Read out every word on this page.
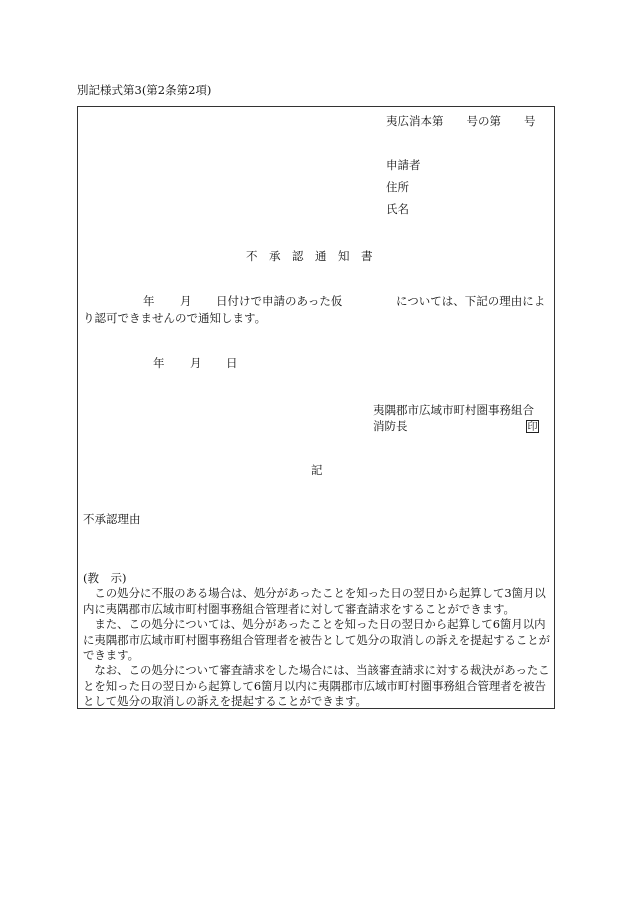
別記様式第3(第2条第2項)
夷広消本第　　号の第　　号
申請者
住所
氏名
不　承　認　通　知　書
年 月 日付けで申請のあった仮	については、下記の理由によ
り認可できませんので通知します。
年 月 日
夷隅郡市広域市町村圏事務組合
消防長	印
記
不承認理由
(教　示)

この処分に不服のある場合は、処分があったことを知った日の翌日から起算して3箇月以内に夷隅郡市広域市町村圏事務組合管理者に対して審査請求をすることができます。

また、この処分については、処分があったことを知った日の翌日から起算して6箇月以内に夷隅郡市広域市町村圏事務組合管理者を被告として処分の取消しの訴えを提起することができます。

なお、この処分について審査請求をした場合には、当該審査請求に対する裁決があったことを知った日の翌日から起算して6箇月以内に夷隅郡市広域市町村圏事務組合管理者を被告として処分の取消しの訴えを提起することができます。
